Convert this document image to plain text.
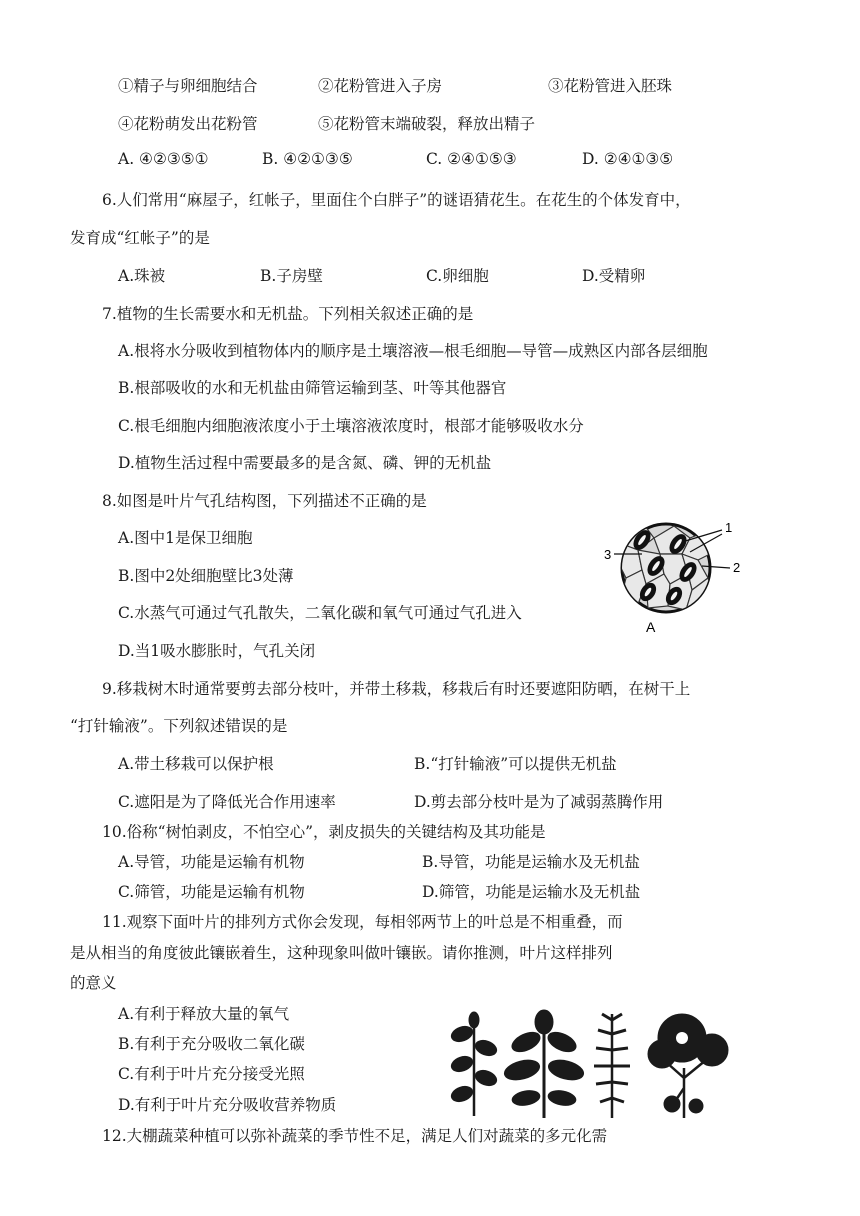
①精子与卵细胞结合	②花粉管进入子房	③花粉管进入胚珠
④花粉萌发出花粉管	⑤花粉管末端破裂，释放出精子
A. ④②③⑤①	B. ④②①③⑤	C. ②④①⑤③	D. ②④①③⑤
6.人们常用“麻屋子，红帐子，里面住个白胖子”的谜语猜花生。在花生的个体发育中，
发育成“红帐子”的是
A.珠被	B.子房壁	C.卵细胞	D.受精卵
7.植物的生长需要水和无机盐。下列相关叙述正确的是
A.根将水分吸收到植物体内的顺序是土壤溶液—根毛细胞—导管—成熟区内部各层细胞
B.根部吸收的水和无机盐由筛管运输到茎、叶等其他器官
C.根毛细胞内细胞液浓度小于土壤溶液浓度时，根部才能够吸收水分
D.植物生活过程中需要最多的是含氮、磷、钾的无机盐
8.如图是叶片气孔结构图，下列描述不正确的是
A.图中1是保卫细胞
B.图中2处细胞壁比3处薄
C.水蒸气可通过气孔散失，二氧化碳和氧气可通过气孔进入
D.当1吸水膨胀时，气孔关闭
3
1
2
A
9.移栽树木时通常要剪去部分枝叶，并带土移栽，移栽后有时还要遮阳防晒，在树干上
“打针输液”。下列叙述错误的是
A.带土移栽可以保护根	B.“打针输液”可以提供无机盐
C.遮阳是为了降低光合作用速率	D.剪去部分枝叶是为了减弱蒸腾作用
10.俗称“树怕剥皮，不怕空心”，剥皮损失的关键结构及其功能是
A.导管，功能是运输有机物	B.导管，功能是运输水及无机盐
C.筛管，功能是运输有机物	D.筛管，功能是运输水及无机盐
11.观察下面叶片的排列方式你会发现，每相邻两节上的叶总是不相重叠，而
是从相当的角度彼此镶嵌着生，这种现象叫做叶镶嵌。请你推测，叶片这样排列
的意义
A.有利于释放大量的氧气
B.有利于充分吸收二氧化碳
C.有利于叶片充分接受光照
D.有利于叶片充分吸收营养物质
12.大棚蔬菜种植可以弥补蔬菜的季节性不足，满足人们对蔬菜的多元化需
